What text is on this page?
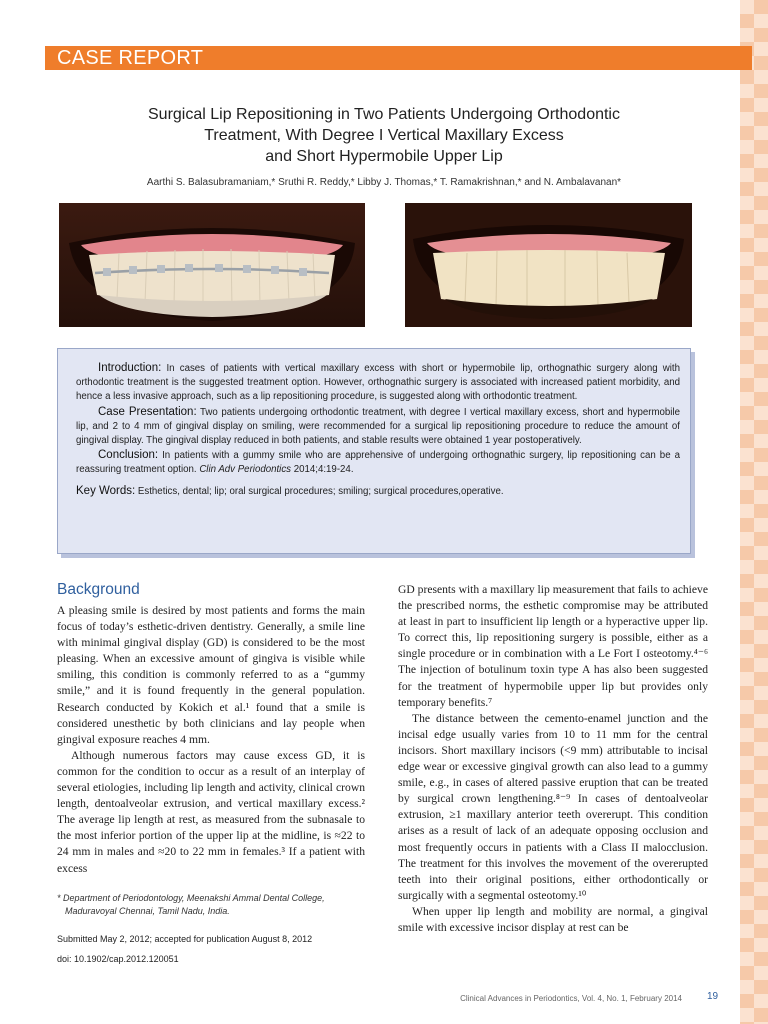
CASE REPORT
Surgical Lip Repositioning in Two Patients Undergoing Orthodontic
Treatment, With Degree I Vertical Maxillary Excess
and Short Hypermobile Upper Lip
Aarthi S. Balasubramaniam,* Sruthi R. Reddy,* Libby J. Thomas,* T. Ramakrishnan,* and N. Ambalavanan*

Introduction: In cases of patients with vertical maxillary excess with short or hypermobile lip, orthognathic surgery along with orthodontic treatment is the suggested treatment option. However, orthognathic surgery is associated with increased patient morbidity, and hence a less invasive approach, such as a lip repositioning procedure, is suggested along with orthodontic treatment.

Case Presentation: Two patients undergoing orthodontic treatment, with degree I vertical maxillary excess, short and hypermobile lip, and 2 to 4 mm of gingival display on smiling, were recommended for a surgical lip repositioning procedure to reduce the amount of gingival display. The gingival display reduced in both patients, and stable results were obtained 1 year postoperatively.

Conclusion: In patients with a gummy smile who are apprehensive of undergoing orthognathic surgery, lip repositioning can be a reassuring treatment option. Clin Adv Periodontics 2014;4:19-24.

Key Words: Esthetics, dental; lip; oral surgical procedures; smiling; surgical procedures,operative.

Background

A pleasing smile is desired by most patients and forms the main focus of today’s esthetic-driven dentistry. Generally, a smile line with minimal gingival display (GD) is considered to be the most pleasing. When an excessive amount of gingiva is visible while smiling, this condition is commonly referred to as a “gummy smile,” and it is found frequently in the general population. Research conducted by Kokich et al.¹ found that a smile is considered unesthetic by both clinicians and lay people when gingival exposure reaches 4 mm.

Although numerous factors may cause excess GD, it is common for the condition to occur as a result of an interplay of several etiologies, including lip length and activity, clinical crown length, dentoalveolar extrusion, and vertical maxillary excess.² The average lip length at rest, as measured from the subnasale to the most inferior portion of the upper lip at the midline, is ≈22 to 24 mm in males and ≈20 to 22 mm in females.³ If a patient with excess

GD presents with a maxillary lip measurement that fails to achieve the prescribed norms, the esthetic compromise may be attributed at least in part to insufficient lip length or a hyperactive upper lip. To correct this, lip repositioning surgery is possible, either as a single procedure or in combination with a Le Fort I osteotomy.⁴⁻⁶ The injection of botulinum toxin type A has also been suggested for the treatment of hypermobile upper lip but provides only temporary benefits.⁷

The distance between the cemento-enamel junction and the incisal edge usually varies from 10 to 11 mm for the central incisors. Short maxillary incisors (<9 mm) attributable to incisal edge wear or excessive gingival growth can also lead to a gummy smile, e.g., in cases of altered passive eruption that can be treated by surgical crown lengthening.⁸⁻⁹ In cases of dentoalveolar extrusion, ≥1 maxillary anterior teeth overerupt. This condition arises as a result of lack of an adequate opposing occlusion and most frequently occurs in patients with a Class II malocclusion. The treatment for this involves the movement of the overerupted teeth into their original positions, either orthodontically or surgically with a segmental osteotomy.¹⁰

When upper lip length and mobility are normal, a gingival smile with excessive incisor display at rest can be

* Department of Periodontology, Meenakshi Ammal Dental College,
Maduravoyal Chennai, Tamil Nadu, India.
Submitted May 2, 2012; accepted for publication August 8, 2012
doi: 10.1902/cap.2012.120051
Clinical Advances in Periodontics, Vol. 4, No. 1, February 2014	19
